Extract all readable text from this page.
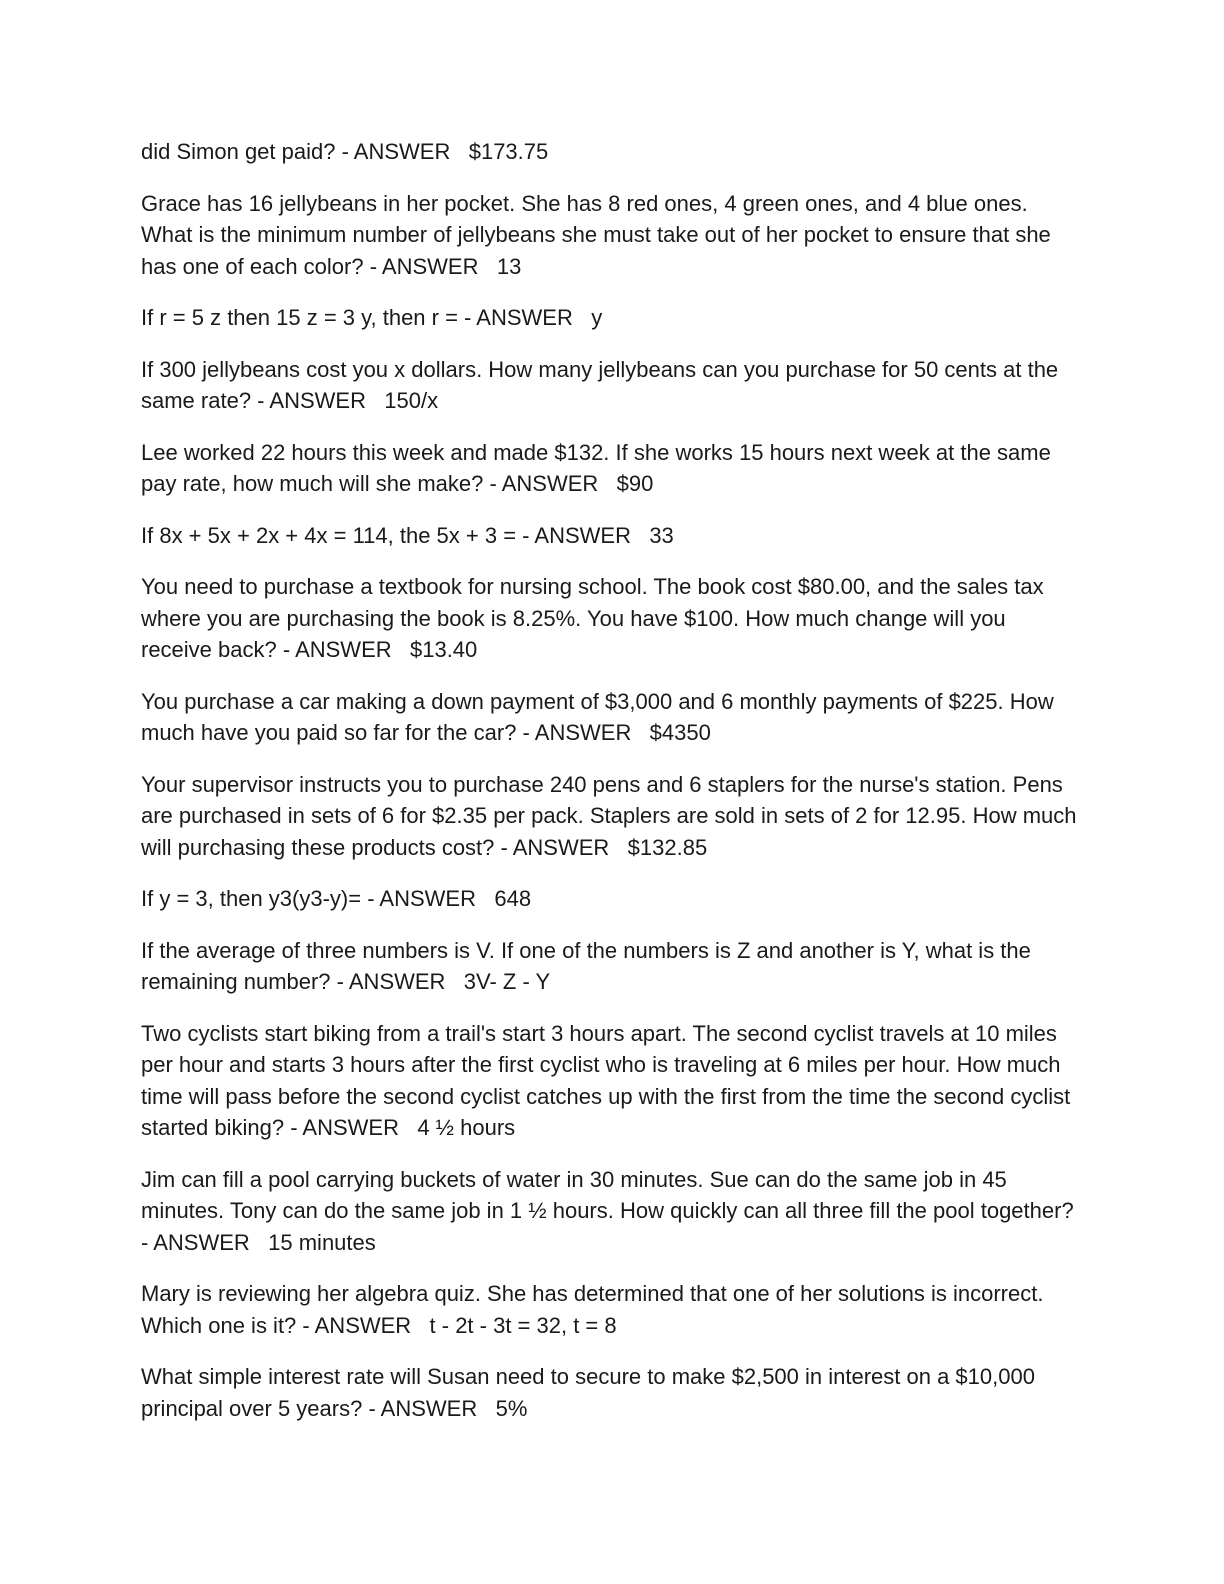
did Simon get paid? - ANSWER $173.75

Grace has 16 jellybeans in her pocket. She has 8 red ones, 4 green ones, and 4 blue ones. What is the minimum number of jellybeans she must take out of her pocket to ensure that she has one of each color? - ANSWER 13

If r = 5 z then 15 z = 3 y, then r = - ANSWER y

If 300 jellybeans cost you x dollars. How many jellybeans can you purchase for 50 cents at the same rate? - ANSWER 150/x

Lee worked 22 hours this week and made $132. If she works 15 hours next week at the same pay rate, how much will she make? - ANSWER $90

If 8x + 5x + 2x + 4x = 114, the 5x + 3 = - ANSWER 33

You need to purchase a textbook for nursing school. The book cost $80.00, and the sales tax where you are purchasing the book is 8.25%. You have $100. How much change will you receive back? - ANSWER $13.40

You purchase a car making a down payment of $3,000 and 6 monthly payments of $225. How much have you paid so far for the car? - ANSWER $4350

Your supervisor instructs you to purchase 240 pens and 6 staplers for the nurse's station. Pens are purchased in sets of 6 for $2.35 per pack. Staplers are sold in sets of 2 for 12.95. How much will purchasing these products cost? - ANSWER $132.85

If y = 3, then y3(y3-y)= - ANSWER 648

If the average of three numbers is V. If one of the numbers is Z and another is Y, what is the remaining number? - ANSWER 3V- Z - Y

Two cyclists start biking from a trail's start 3 hours apart. The second cyclist travels at 10 miles per hour and starts 3 hours after the first cyclist who is traveling at 6 miles per hour. How much time will pass before the second cyclist catches up with the first from the time the second cyclist started biking? - ANSWER 4 ½ hours

Jim can fill a pool carrying buckets of water in 30 minutes. Sue can do the same job in 45 minutes. Tony can do the same job in 1 ½ hours. How quickly can all three fill the pool together? - ANSWER 15 minutes

Mary is reviewing her algebra quiz. She has determined that one of her solutions is incorrect. Which one is it? - ANSWER t - 2t - 3t = 32, t = 8

What simple interest rate will Susan need to secure to make $2,500 in interest on a $10,000 principal over 5 years? - ANSWER 5%
